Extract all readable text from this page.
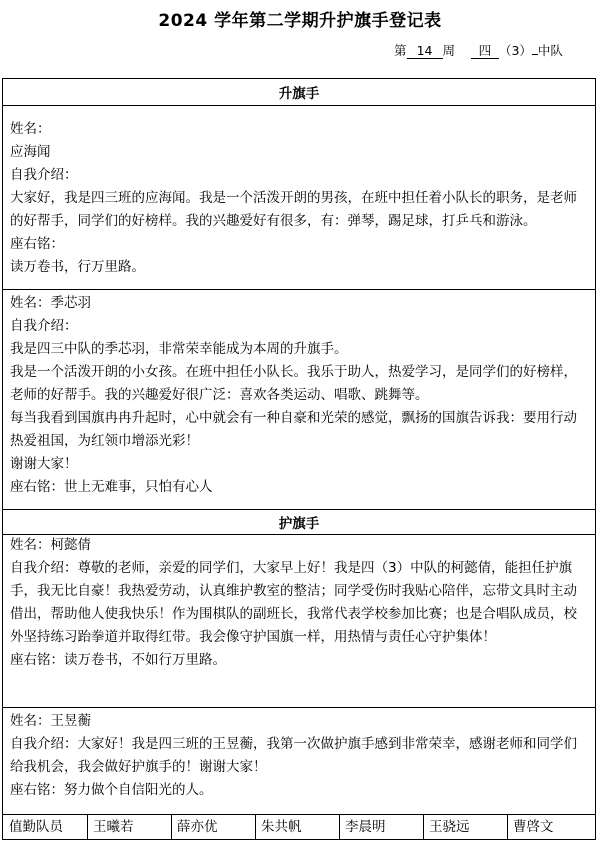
2024 学年第二学期升护旗手登记表
第 14 周 四 （3） 中队
升旗手

姓名：

应海闻

自我介绍：

大家好，我是四三班的应海闻。我是一个活泼开朗的男孩，在班中担任着小队长的职务，是老师的好帮手，同学们的好榜样。我的兴趣爱好有很多，有：弹琴，踢足球，打乒乓和游泳。

座右铭：

读万卷书，行万里路。

姓名：季芯羽

自我介绍：

我是四三中队的季芯羽，非常荣幸能成为本周的升旗手。

我是一个活泼开朗的小女孩。在班中担任小队长。我乐于助人，热爱学习，是同学们的好榜样，老师的好帮手。我的兴趣爱好很广泛：喜欢各类运动、唱歌、跳舞等。

每当我看到国旗冉冉升起时，心中就会有一种自豪和光荣的感觉，飘扬的国旗告诉我：要用行动热爱祖国，为红领巾增添光彩！

谢谢大家！

座右铭：世上无难事，只怕有心人

护旗手

姓名：柯懿倩

自我介绍：尊敬的老师，亲爱的同学们，大家早上好！我是四（3）中队的柯懿倩，能担任护旗手，我无比自豪！我热爱劳动，认真维护教室的整洁；同学受伤时我贴心陪伴，忘带文具时主动借出，帮助他人使我快乐！作为围棋队的副班长，我常代表学校参加比赛；也是合唱队成员，校外坚持练习跆拳道并取得红带。我会像守护国旗一样，用热情与责任心守护集体！

座右铭：读万卷书，不如行万里路。

姓名：王昱蘅

自我介绍：大家好！我是四三班的王昱蘅，我第一次做护旗手感到非常荣幸，感谢老师和同学们给我机会，我会做好护旗手的！谢谢大家！

座右铭：努力做个自信阳光的人。

值勤队员	王曦若	薛亦优	朱共帆	李晨明	王骁远	曹啓文
